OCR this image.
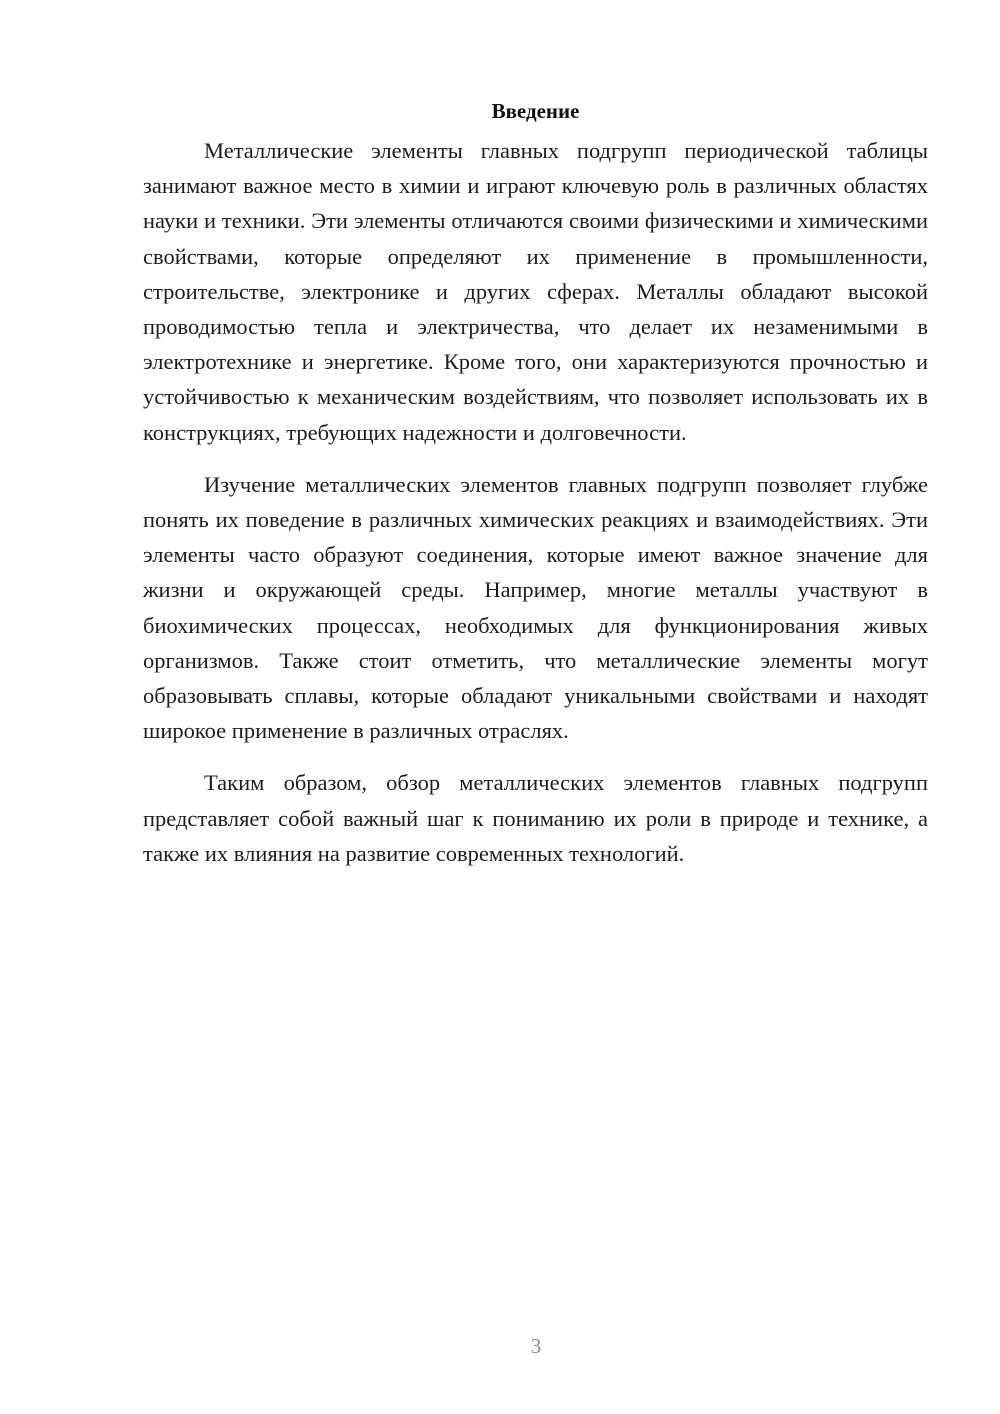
Введение

Металлические элементы главных подгрупп периодической таблицы занимают важное место в химии и играют ключевую роль в различных областях науки и техники. Эти элементы отличаются своими физическими и химическими свойствами, которые определяют их применение в промышленности, строительстве, электронике и других сферах. Металлы обладают высокой проводимостью тепла и электричества, что делает их незаменимыми в электротехнике и энергетике. Кроме того, они характеризуются прочностью и устойчивостью к механическим воздействиям, что позволяет использовать их в конструкциях, требующих надежности и долговечности.

Изучение металлических элементов главных подгрупп позволяет глубже понять их поведение в различных химических реакциях и взаимодействиях. Эти элементы часто образуют соединения, которые имеют важное значение для жизни и окружающей среды. Например, многие металлы участвуют в биохимических процессах, необходимых для функционирования живых организмов. Также стоит отметить, что металлические элементы могут образовывать сплавы, которые обладают уникальными свойствами и находят широкое применение в различных отраслях.

Таким образом, обзор металлических элементов главных подгрупп представляет собой важный шаг к пониманию их роли в природе и технике, а также их влияния на развитие современных технологий.

3
